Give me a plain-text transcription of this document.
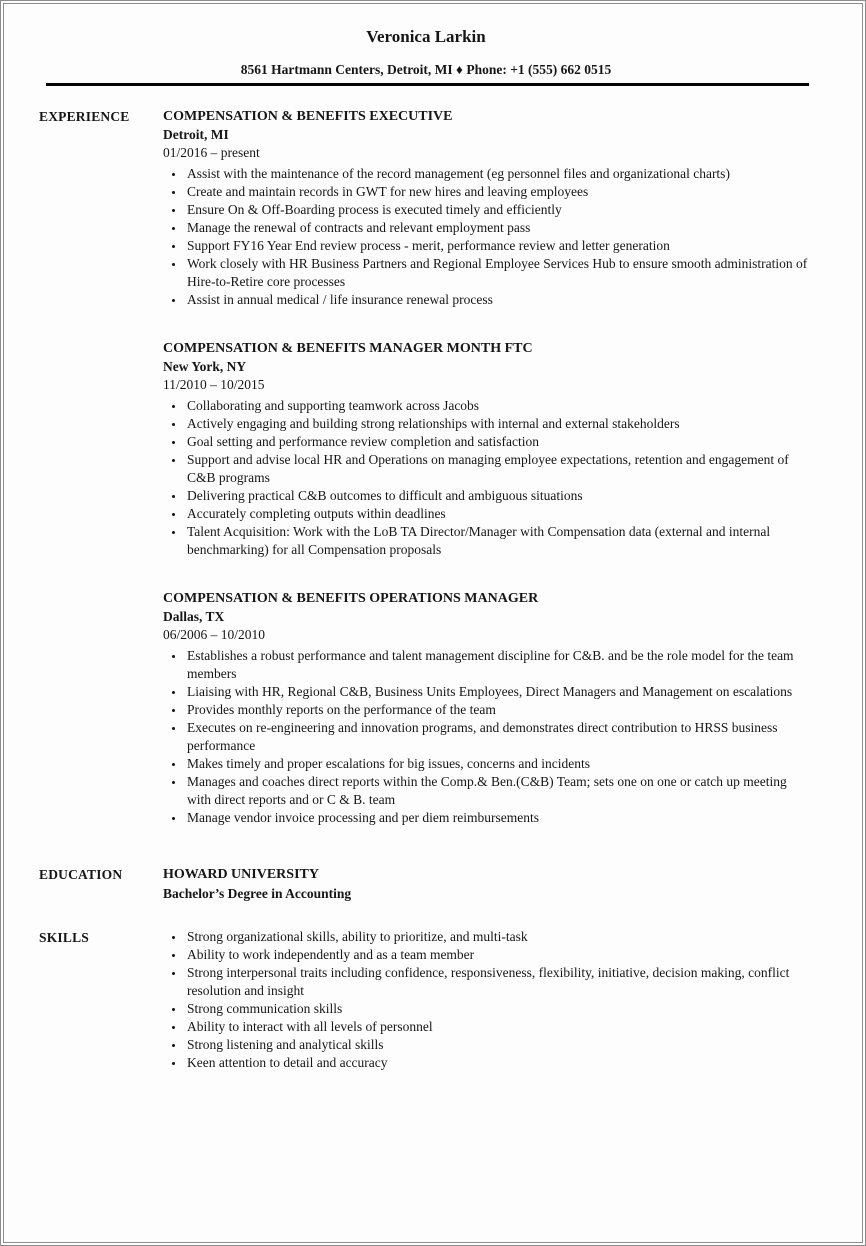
Veronica Larkin

8561 Hartmann Centers, Detroit, MI ♦ Phone: +1 (555) 662 0515

EXPERIENCE	COMPENSATION & BENEFITS EXECUTIVE
Detroit, MI
01/2016 – present
• Assist with the maintenance of the record management (eg personnel files and organizational charts)
• Create and maintain records in GWT for new hires and leaving employees
• Ensure On & Off-Boarding process is executed timely and efficiently
• Manage the renewal of contracts and relevant employment pass
• Support FY16 Year End review process - merit, performance review and letter generation
• Work closely with HR Business Partners and Regional Employee Services Hub to ensure smooth administration of Hire-to-Retire core processes
• Assist in annual medical / life insurance renewal process
COMPENSATION & BENEFITS MANAGER MONTH FTC
New York, NY
11/2010 – 10/2015
• Collaborating and supporting teamwork across Jacobs
• Actively engaging and building strong relationships with internal and external stakeholders
• Goal setting and performance review completion and satisfaction
• Support and advise local HR and Operations on managing employee expectations, retention and engagement of C&B programs
• Delivering practical C&B outcomes to difficult and ambiguous situations
• Accurately completing outputs within deadlines
• Talent Acquisition: Work with the LoB TA Director/Manager with Compensation data (external and internal benchmarking) for all Compensation proposals
COMPENSATION & BENEFITS OPERATIONS MANAGER
Dallas, TX
06/2006 – 10/2010
• Establishes a robust performance and talent management discipline for C&B. and be the role model for the team members
• Liaising with HR, Regional C&B, Business Units Employees, Direct Managers and Management on escalations
• Provides monthly reports on the performance of the team
• Executes on re-engineering and innovation programs, and demonstrates direct contribution to HRSS business performance
• Makes timely and proper escalations for big issues, concerns and incidents
• Manages and coaches direct reports within the Comp.& Ben.(C&B) Team; sets one on one or catch up meeting with direct reports and or C & B. team
• Manage vendor invoice processing and per diem reimbursements
EDUCATION	HOWARD UNIVERSITY
Bachelor’s Degree in Accounting
SKILLS	• Strong organizational skills, ability to prioritize, and multi-task
• Ability to work independently and as a team member
• Strong interpersonal traits including confidence, responsiveness, flexibility, initiative, decision making, conflict resolution and insight
• Strong communication skills
• Ability to interact with all levels of personnel
• Strong listening and analytical skills
• Keen attention to detail and accuracy
